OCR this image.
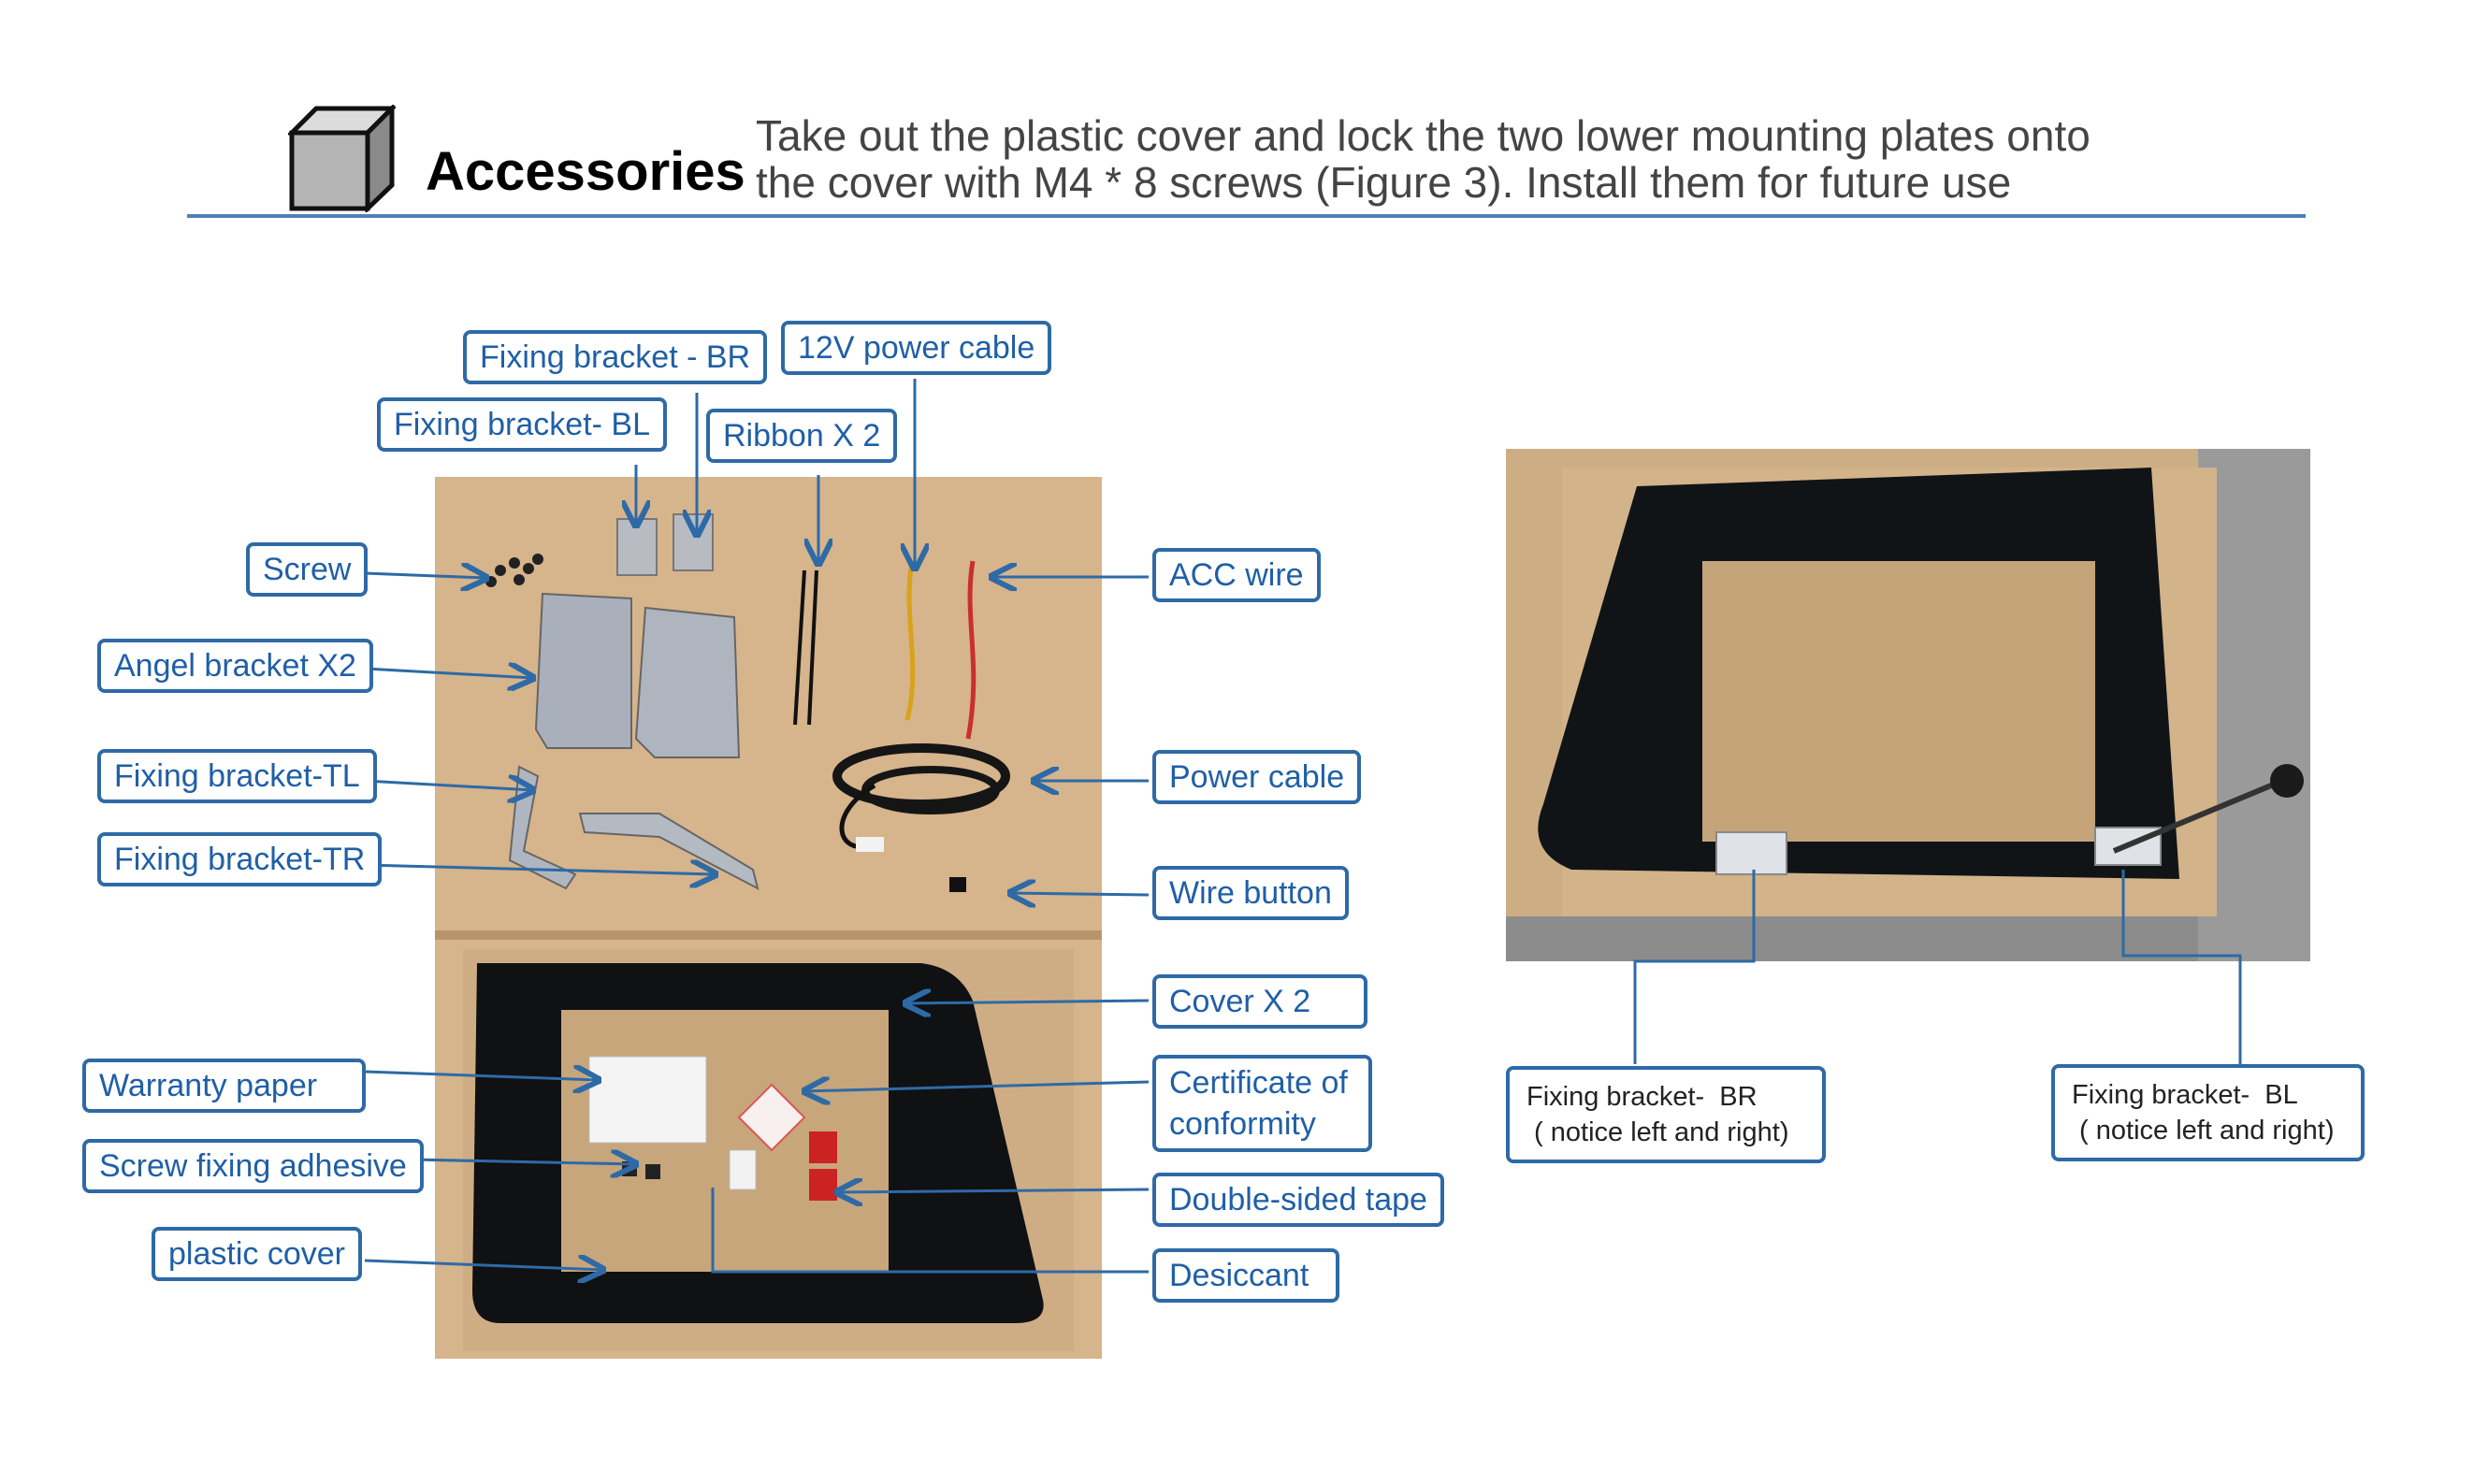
Accessories
Take out the plastic cover and lock the two lower mounting plates onto
the cover with M4 * 8 screws (Figure 3). Install them for future use
Fixing bracket - BR	12V power cable
Fixing bracket- BL	Ribbon X 2
Screw	ACC wire
Angel bracket X2
Fixing bracket-TL	Power cable
Fixing bracket-TR
Wire button
Cover X 2
Warranty paper	Certificate of conformity
Screw fixing adhesive
Double-sided tape
plastic cover
Desiccant
Fixing bracket-  BR
( notice left and right)
Fixing bracket-  BL
( notice left and right)
